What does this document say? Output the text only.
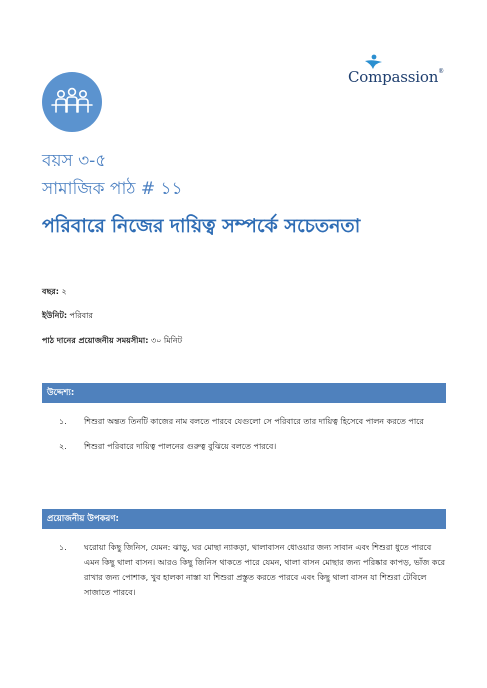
Compassion®
বয়স ৩-৫
সামাজিক পাঠ # ১১
পরিবারে নিজের দায়িত্ব সম্পর্কে সচেতনতা
বছর: ২
ইউনিট: পরিবার
পাঠ দানের প্রয়োজনীয় সময়সীমা: ৩০ মিনিট
উদ্দেশ্য:
১. শিশুরা অন্তত তিনটি কাজের নাম বলতে পারবে যেগুলো সে পরিবারে তার দায়িত্ব হিসেবে পালন করতে পারে
২. শিশুরা পরিবারে দায়িত্ব পালনের গুরুত্ব বুঝিয়ে বলতে পারবে।
প্রয়োজনীয় উপকরণ:
১. ঘরোয়া কিছু জিনিস, যেমন: ঝাড়ু, ঘর মোছা ন্যাকড়া, থালাবাসন ধোওয়ার জন্য সাবান এবং শিশুরা ধুতে পারবে এমন কিছু থালা বাসন। আরও কিছু জিনিস থাকতে পারে যেমন, থালা বাসন মোছার জন্য পরিষ্কার কাপড়, ভাঁজ করে রাখার জন্য পোশাক, খুব হালকা নাস্তা যা শিশুরা প্রস্তুত করতে পারবে এবং কিছু থালা বাসন যা শিশুরা টেবিলে সাজাতে পারবে।
